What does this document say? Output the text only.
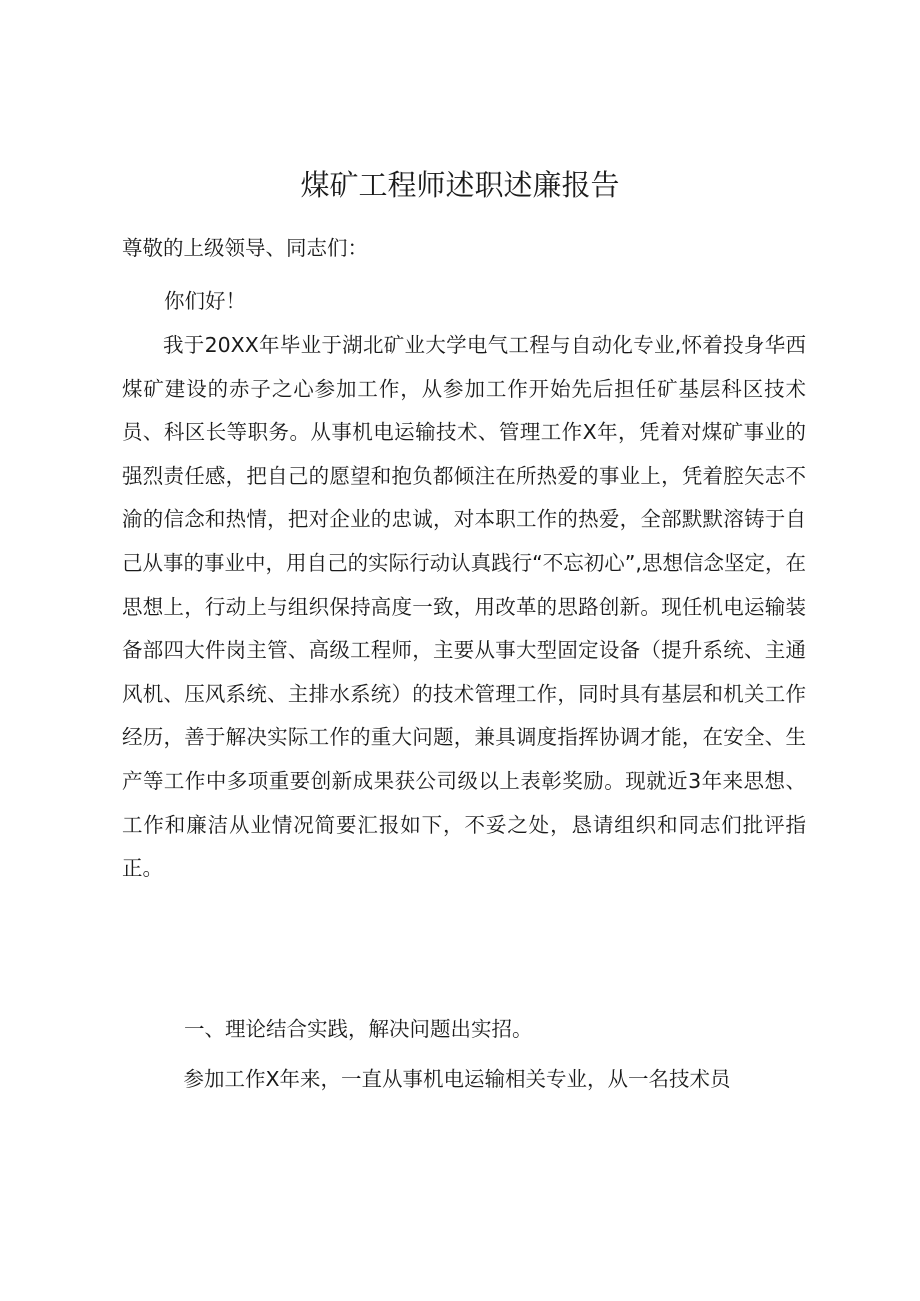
煤矿工程师述职述廉报告

尊敬的上级领导、同志们：

你们好！

我于20XX年毕业于湖北矿业大学电气工程与自动化专业,怀着投身华西煤矿建设的赤子之心参加工作，从参加工作开始先后担任矿基层科区技术员、科区长等职务。从事机电运输技术、管理工作X年，凭着对煤矿事业的强烈责任感，把自己的愿望和抱负都倾注在所热爱的事业上，凭着腔矢志不渝的信念和热情，把对企业的忠诚，对本职工作的热爱，全部默默溶铸于自己从事的事业中，用自己的实际行动认真践行“不忘初心”,思想信念坚定，在思想上，行动上与组织保持高度一致，用改革的思路创新。现任机电运输装备部四大件岗主管、高级工程师，主要从事大型固定设备（提升系统、主通风机、压风系统、主排水系统）的技术管理工作，同时具有基层和机关工作经历，善于解决实际工作的重大问题，兼具调度指挥协调才能，在安全、生产等工作中多项重要创新成果获公司级以上表彰奖励。现就近3年来思想、工作和廉洁从业情况简要汇报如下，不妥之处，恳请组织和同志们批评指正。

一、理论结合实践，解决问题出实招。

参加工作X年来，一直从事机电运输相关专业，从一名技术员
